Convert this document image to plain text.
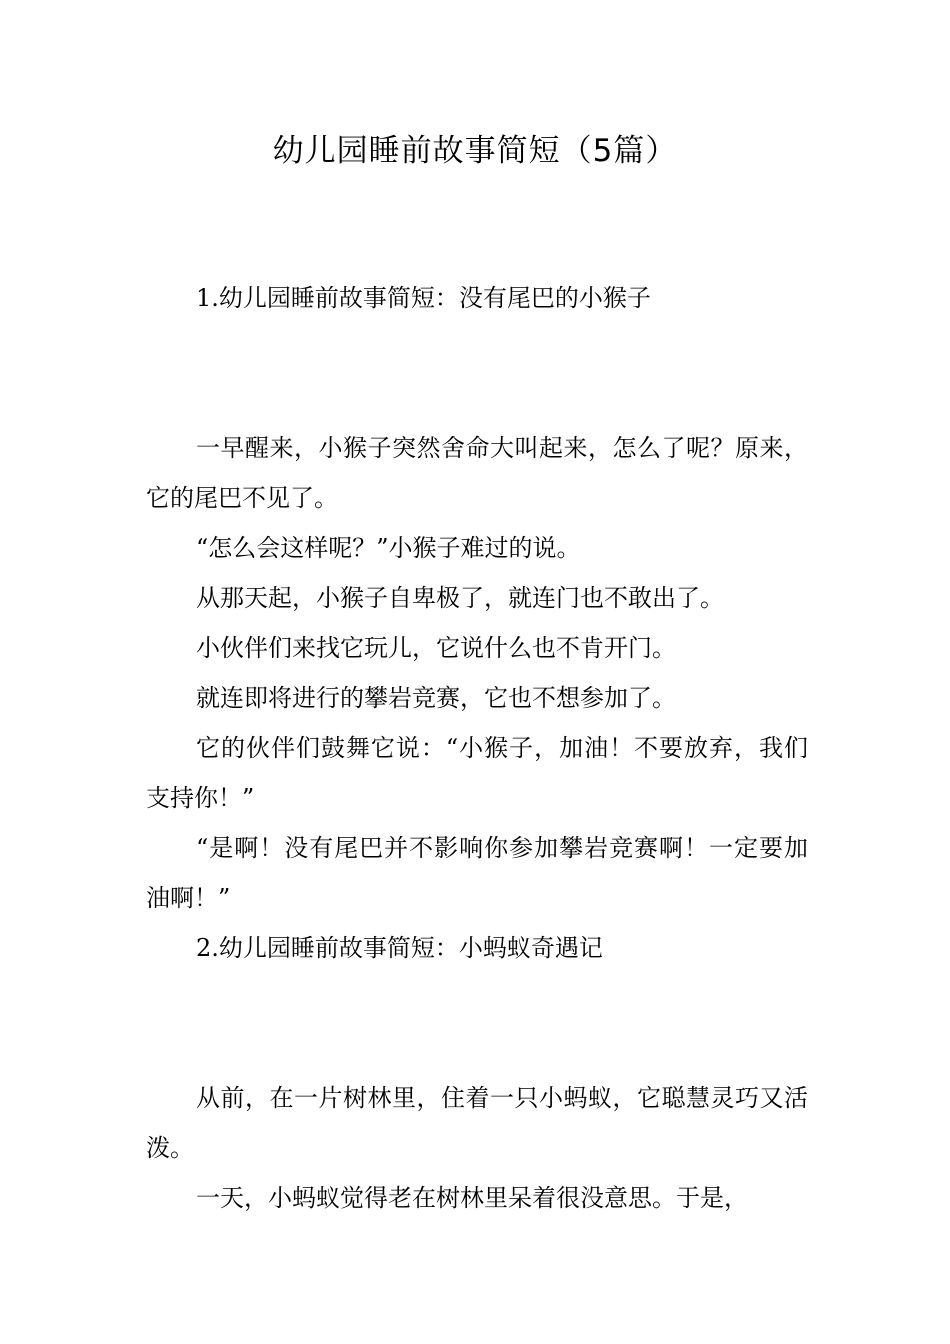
幼儿园睡前故事简短（5篇）

1.幼儿园睡前故事简短：没有尾巴的小猴子

一早醒来，小猴子突然舍命大叫起来，怎么了呢？原来，它的尾巴不见了。

“怎么会这样呢？”小猴子难过的说。

从那天起，小猴子自卑极了，就连门也不敢出了。

小伙伴们来找它玩儿，它说什么也不肯开门。

就连即将进行的攀岩竞赛，它也不想参加了。

它的伙伴们鼓舞它说：“小猴子，加油！不要放弃，我们支持你！”

“是啊！没有尾巴并不影响你参加攀岩竞赛啊！一定要加油啊！”

2.幼儿园睡前故事简短：小蚂蚁奇遇记

从前，在一片树林里，住着一只小蚂蚁，它聪慧灵巧又活泼。

一天，小蚂蚁觉得老在树林里呆着很没意思。于是，
